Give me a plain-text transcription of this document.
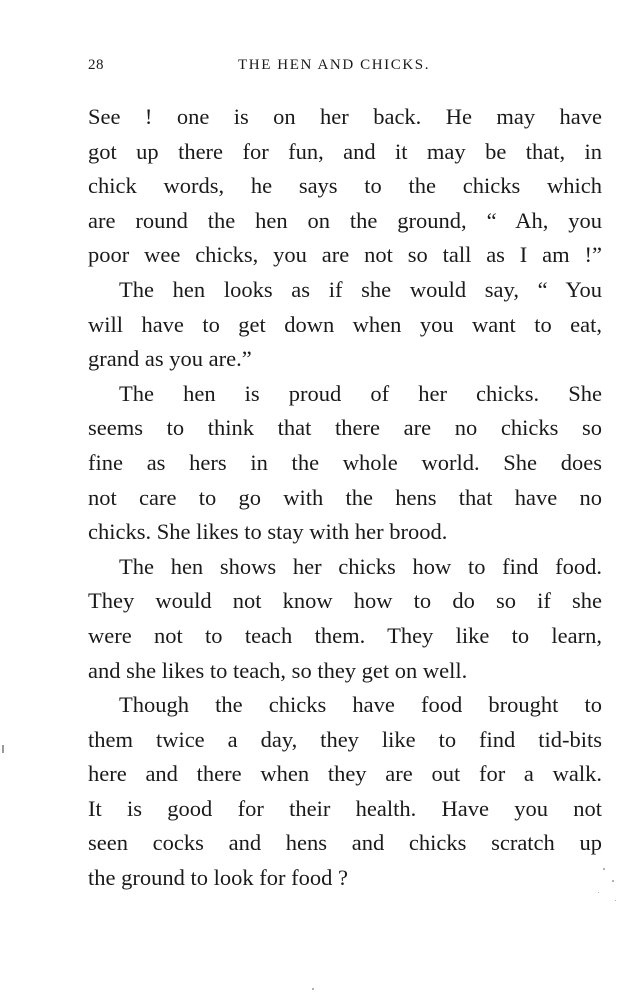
28	THE HEN AND CHICKS.
See ! one is on her back. He may have
got up there for fun, and it may be that, in
chick words, he says to the chicks which
are round the hen on the ground, “ Ah, you
poor wee chicks, you are not so tall as I am !”
The hen looks as if she would say, “ You
will have to get down when you want to eat,
grand as you are.”
The hen is proud of her chicks. She
seems to think that there are no chicks so
fine as hers in the whole world. She does
not care to go with the hens that have no
chicks. She likes to stay with her brood.
The hen shows her chicks how to find food.
They would not know how to do so if she
were not to teach them. They like to learn,
and she likes to teach, so they get on well.
Though the chicks have food brought to
them twice a day, they like to find tid-bits
here and there when they are out for a walk.
It is good for their health. Have you not
seen cocks and hens and chicks scratch up
the ground to look for food ?
